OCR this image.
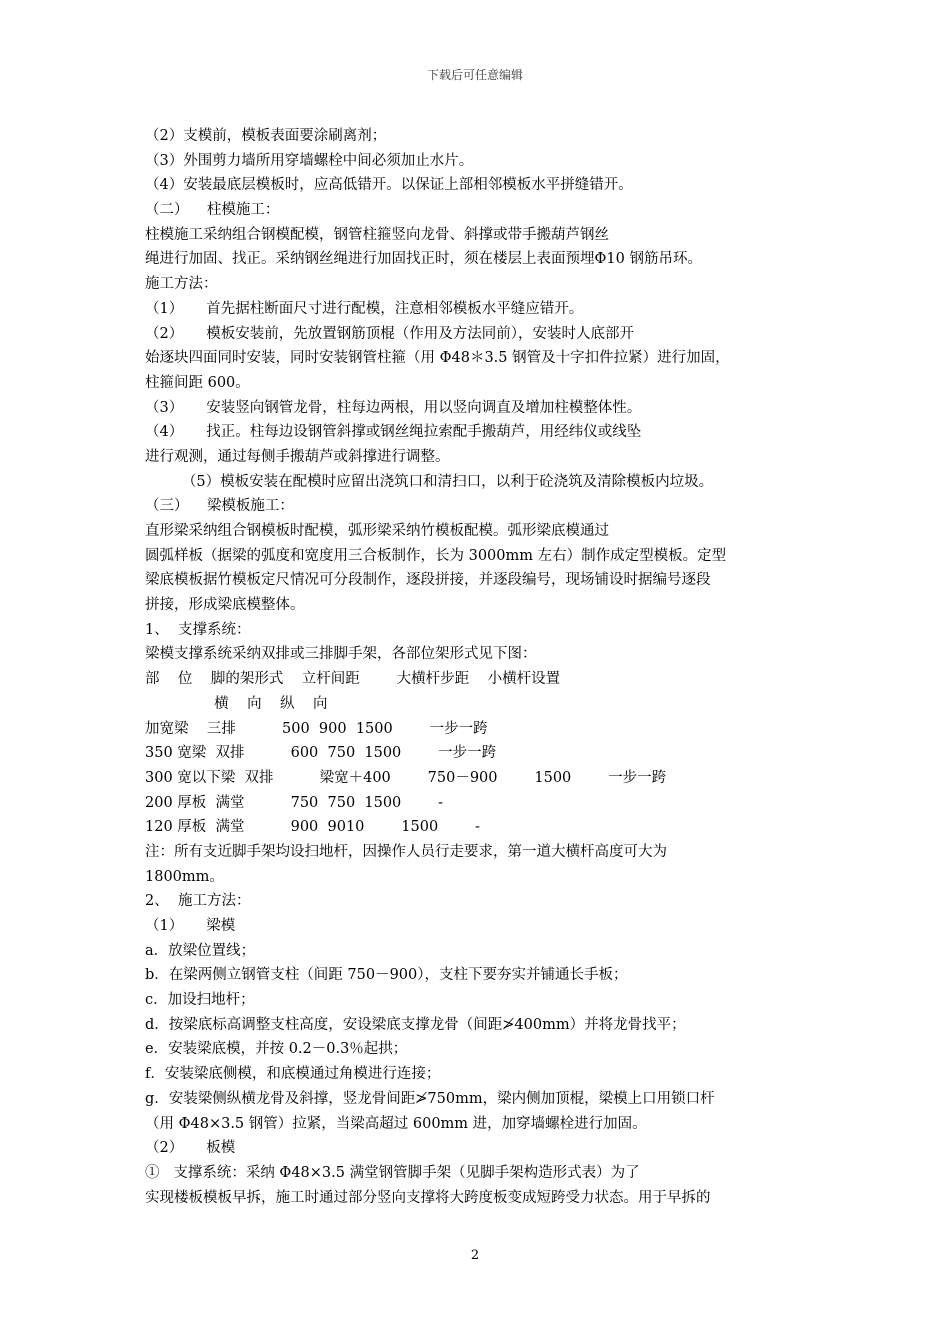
下载后可任意编辑
（2）支模前，模板表面要涂刷离剂；
（3）外围剪力墙所用穿墙螺栓中间必须加止水片。
（4）安装最底层模板时，应高低错开。以保证上部相邻模板水平拼缝错开。
（二）    柱模施工：
柱模施工采纳组合钢模配模，钢管柱箍竖向龙骨、斜撑或带手搬葫芦钢丝
绳进行加固、找正。采纳钢丝绳进行加固找正时，须在楼层上表面预埋Φ10 钢筋吊环。
施工方法：
（1）     首先据柱断面尺寸进行配模，注意相邻模板水平缝应错开。
（2）     模板安装前，先放置钢筋顶棍（作用及方法同前），安装时人底部开
始逐块四面同时安装，同时安装钢管柱箍（用 Φ48＊3.5 钢管及十字扣件拉紧）进行加固，
柱箍间距 600。
（3）     安装竖向钢管龙骨，柱每边两根，用以竖向调直及增加柱模整体性。
（4）     找正。柱每边设钢管斜撑或钢丝绳拉索配手搬葫芦，用经纬仪或线坠
进行观测，通过每侧手搬葫芦或斜撑进行调整。
（5）模板安装在配模时应留出浇筑口和清扫口，以利于砼浇筑及清除模板内垃圾。
（三）    梁模板施工：
直形梁采纳组合钢模板时配模，弧形梁采纳竹模板配模。弧形梁底模通过
圆弧样板（据梁的弧度和宽度用三合板制作，长为 3000mm 左右）制作成定型模板。定型
梁底模板据竹模板定尺情况可分段制作，逐段拼接，并逐段编号，现场铺设时据编号逐段
拼接，形成梁底模整体。
1、  支撑系统：
梁模支撑系统采纳双排或三排脚手架，各部位架形式见下图：
部    位    脚的架形式    立杆间距        大横杆步距    小横杆设置
横    向    纵    向
加宽梁    三排          500  900  1500        一步一跨
350 宽梁  双排          600  750  1500        一步一跨
300 宽以下梁  双排          梁宽＋400        750－900        1500        一步一跨
200 厚板  满堂          750  750  1500        -
120 厚板  满堂          900  9010        1500        -
注：所有支近脚手架均设扫地杆，因操作人员行走要求，第一道大横杆高度可大为
1800mm。
2、  施工方法：
（1）     梁模
a．放梁位置线；
b．在梁两侧立钢管支柱（间距 750－900），支柱下要夯实并铺通长手板；
c．加设扫地杆；
d．按梁底标高调整支柱高度，安设梁底支撑龙骨（间距≯400mm）并将龙骨找平；
e．安装梁底模，并按 0.2－0.3％起拱；
f．安装梁底侧模，和底模通过角模进行连接；
g．安装梁侧纵横龙骨及斜撑，竖龙骨间距≯750mm，梁内侧加顶棍，梁模上口用锁口杆
（用 Φ48×3.5 钢管）拉紧，当梁高超过 600mm 进，加穿墙螺栓进行加固。
（2）     板模
①   支撑系统：采纳 Φ48×3.5 满堂钢管脚手架（见脚手架构造形式表）为了
实现楼板模板早拆，施工时通过部分竖向支撑将大跨度板变成短跨受力状态。用于早拆的
2
